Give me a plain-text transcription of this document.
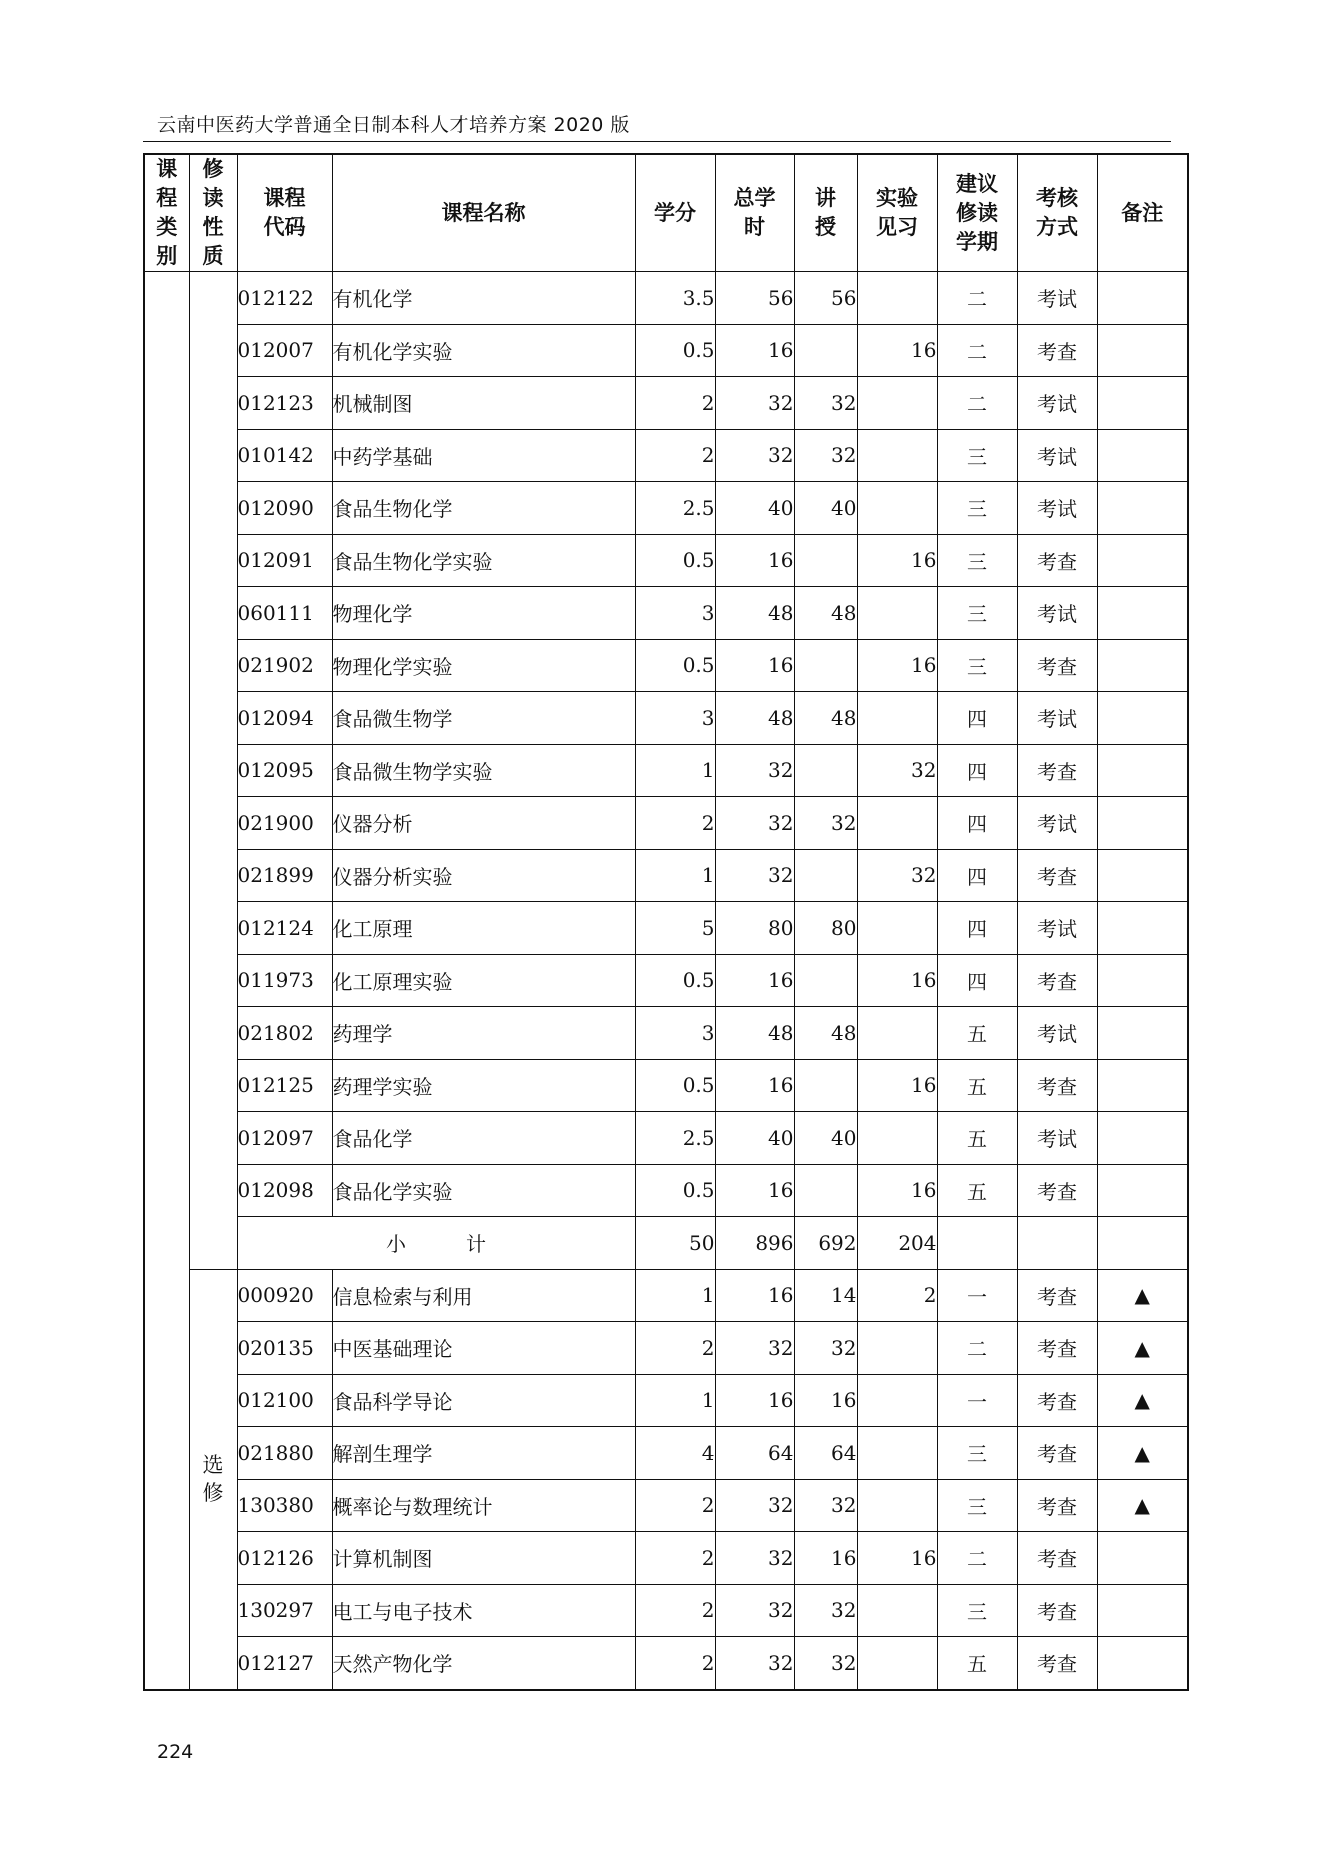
云南中医药大学普通全日制本科人才培养方案 2020 版
课程类别	修读性质	课程代码	课程名称	学分	总学时	讲授	实验见习	建议修读学期	考核方式	备注
		012122	有机化学	3.5	56	56		二	考试	
		012007	有机化学实验	0.5	16		16	二	考查	
		012123	机械制图	2	32	32		二	考试	
		010142	中药学基础	2	32	32		三	考试	
		012090	食品生物化学	2.5	40	40		三	考试	
		012091	食品生物化学实验	0.5	16		16	三	考查	
		060111	物理化学	3	48	48		三	考试	
		021902	物理化学实验	0.5	16		16	三	考查	
		012094	食品微生物学	3	48	48		四	考试	
		012095	食品微生物学实验	1	32		32	四	考查	
		021900	仪器分析	2	32	32		四	考试	
		021899	仪器分析实验	1	32		32	四	考查	
		012124	化工原理	5	80	80		四	考试	
		011973	化工原理实验	0.5	16		16	四	考查	
		021802	药理学	3	48	48		五	考试	
		012125	药理学实验	0.5	16		16	五	考查	
		012097	食品化学	2.5	40	40		五	考试	
		012098	食品化学实验	0.5	16		16	五	考查	
		小 计		50	896	692	204			
	选修	000920	信息检索与利用	1	16	14	2	一	考查	▲
		020135	中医基础理论	2	32	32		二	考查	▲
		012100	食品科学导论	1	16	16		一	考查	▲
		021880	解剖生理学	4	64	64		三	考查	▲
		130380	概率论与数理统计	2	32	32		三	考查	▲
		012126	计算机制图	2	32	16	16	二	考查	
		130297	电工与电子技术	2	32	32		三	考查	
		012127	天然产物化学	2	32	32		五	考查	
224
